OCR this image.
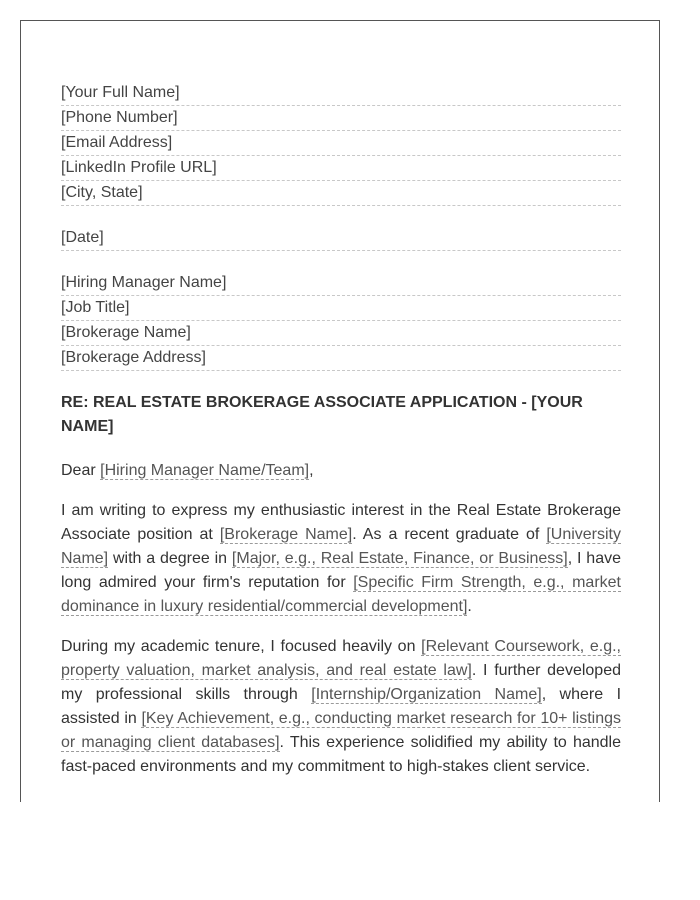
[Your Full Name]
[Phone Number]
[Email Address]
[LinkedIn Profile URL]
[City, State]
[Date]
[Hiring Manager Name]
[Job Title]
[Brokerage Name]
[Brokerage Address]
RE: REAL ESTATE BROKERAGE ASSOCIATE APPLICATION - [YOUR NAME]
Dear [Hiring Manager Name/Team],
I am writing to express my enthusiastic interest in the Real Estate Brokerage Associate position at [Brokerage Name]. As a recent graduate of [University Name] with a degree in [Major, e.g., Real Estate, Finance, or Business], I have long admired your firm's reputation for [Specific Firm Strength, e.g., market dominance in luxury residential/commercial development].
During my academic tenure, I focused heavily on [Relevant Coursework, e.g., property valuation, market analysis, and real estate law]. I further developed my professional skills through [Internship/Organization Name], where I assisted in [Key Achievement, e.g., conducting market research for 10+ listings or managing client databases]. This experience solidified my ability to handle fast-paced environments and my commitment to high-stakes client service.
